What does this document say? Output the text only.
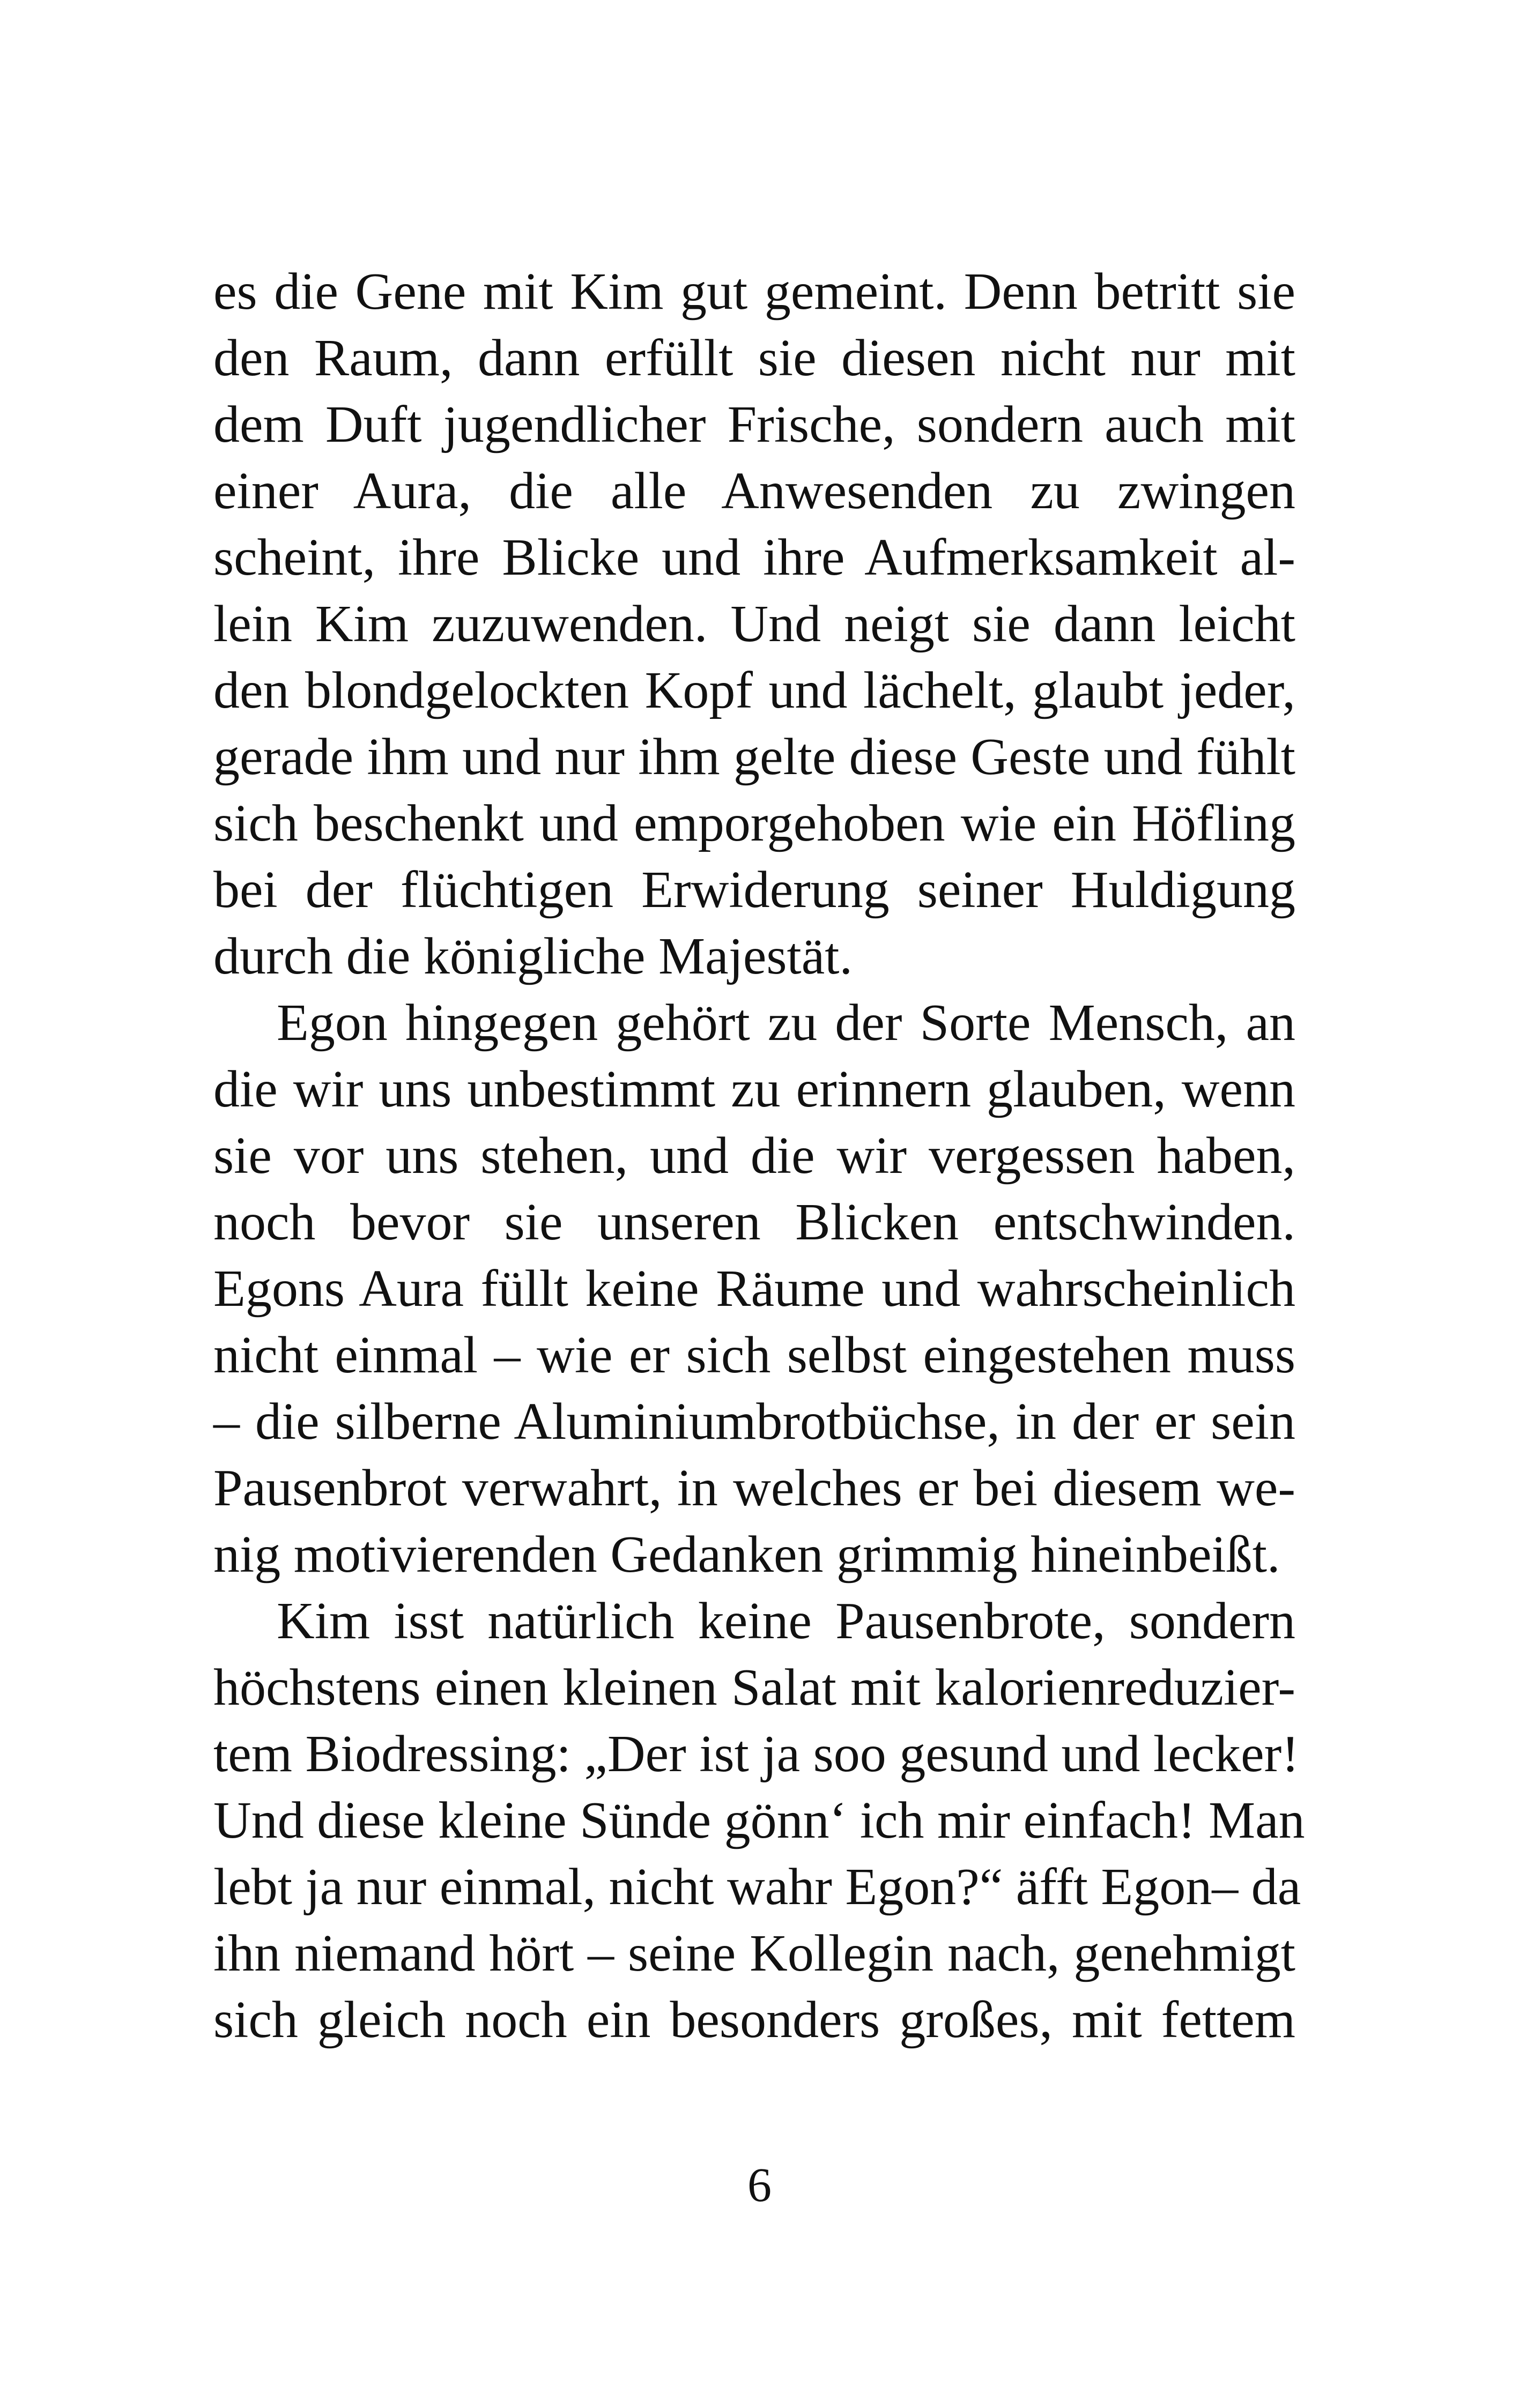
es die Gene mit Kim gut gemeint. Denn betritt sie
den Raum, dann erfüllt sie diesen nicht nur mit
dem Duft jugendlicher Frische, sondern auch mit
einer Aura, die alle Anwesenden zu zwingen
scheint, ihre Blicke und ihre Aufmerksamkeit al-
lein Kim zuzuwenden. Und neigt sie dann leicht
den blondgelockten Kopf und lächelt, glaubt jeder,
gerade ihm und nur ihm gelte diese Geste und fühlt
sich beschenkt und emporgehoben wie ein Höfling
bei der flüchtigen Erwiderung seiner Huldigung
durch die königliche Majestät.
Egon hingegen gehört zu der Sorte Mensch, an
die wir uns unbestimmt zu erinnern glauben, wenn
sie vor uns stehen, und die wir vergessen haben,
noch bevor sie unseren Blicken entschwinden.
Egons Aura füllt keine Räume und wahrscheinlich
nicht einmal – wie er sich selbst eingestehen muss
– die silberne Aluminiumbrotbüchse, in der er sein
Pausenbrot verwahrt, in welches er bei diesem we-
nig motivierenden Gedanken grimmig hineinbeißt.
Kim isst natürlich keine Pausenbrote, sondern
höchstens einen kleinen Salat mit kalorienreduzier-
tem Biodressing: „Der ist ja soo gesund und lecker!
Und diese kleine Sünde gönn‘ ich mir einfach! Man
lebt ja nur einmal, nicht wahr Egon?“ äfft Egon– da
ihn niemand hört – seine Kollegin nach, genehmigt
sich gleich noch ein besonders großes, mit fettem
6
